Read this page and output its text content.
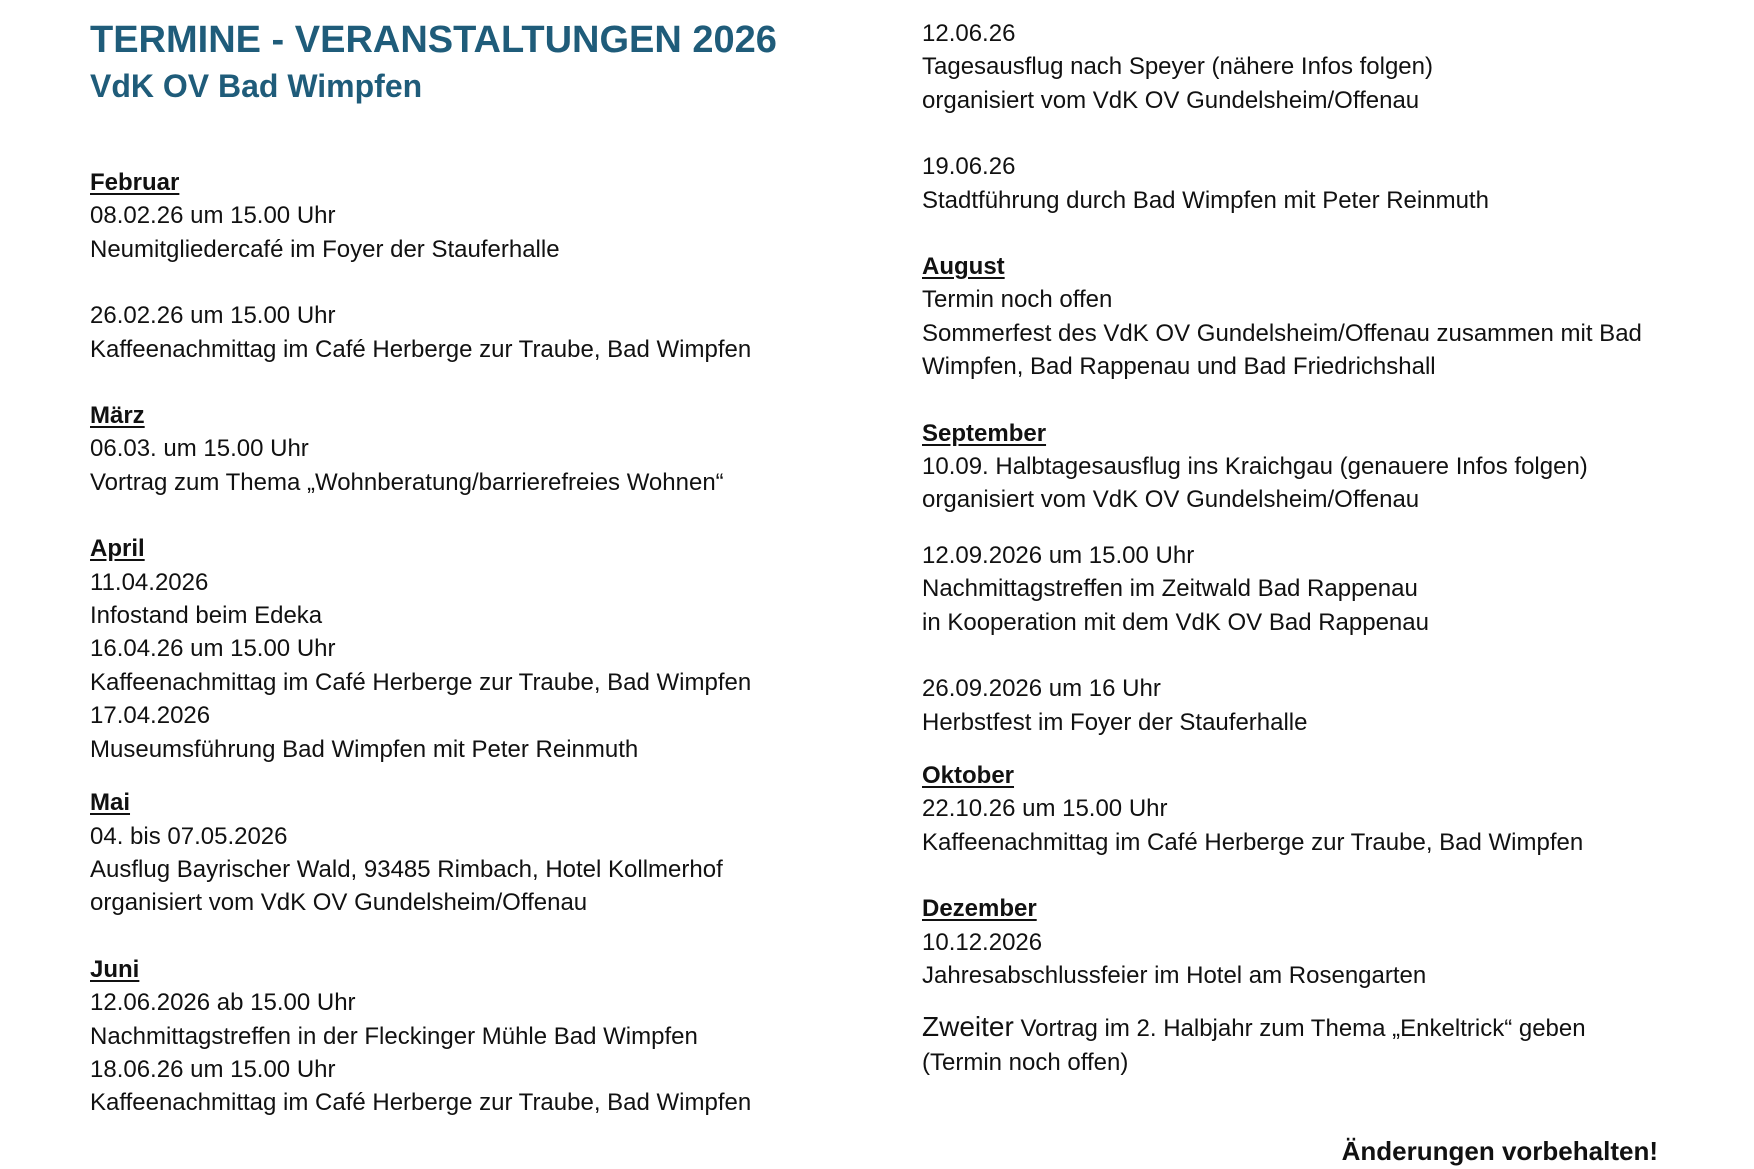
TERMINE - VERANSTALTUNGEN 2026
VdK OV Bad Wimpfen
Februar
08.02.26 um 15.00 Uhr
Neumitgliedercafé im Foyer der Stauferhalle
26.02.26 um 15.00 Uhr
Kaffeenachmittag im Café Herberge zur Traube, Bad Wimpfen
März
06.03. um 15.00 Uhr
Vortrag zum Thema „Wohnberatung/barrierefreies Wohnen“
April
11.04.2026
Infostand beim Edeka
16.04.26 um 15.00 Uhr
Kaffeenachmittag im Café Herberge zur Traube, Bad Wimpfen
17.04.2026
Museumsführung Bad Wimpfen mit Peter Reinmuth
Mai
04. bis 07.05.2026
Ausflug Bayrischer Wald, 93485 Rimbach, Hotel Kollmerhof
organisiert vom VdK OV Gundelsheim/Offenau
Juni
12.06.2026 ab 15.00 Uhr
Nachmittagstreffen in der Fleckinger Mühle Bad Wimpfen
18.06.26 um 15.00 Uhr
Kaffeenachmittag im Café Herberge zur Traube, Bad Wimpfen
12.06.26
Tagesausflug nach Speyer (nähere Infos folgen)
organisiert vom VdK OV Gundelsheim/Offenau
19.06.26
Stadtführung durch Bad Wimpfen mit Peter Reinmuth
August
Termin noch offen
Sommerfest des VdK OV Gundelsheim/Offenau zusammen mit Bad
Wimpfen, Bad Rappenau und Bad Friedrichshall
September
10.09. Halbtagesausflug ins Kraichgau (genauere Infos folgen)
organisiert vom VdK OV Gundelsheim/Offenau
12.09.2026 um 15.00 Uhr
Nachmittagstreffen im Zeitwald Bad Rappenau
in Kooperation mit dem VdK OV Bad Rappenau
26.09.2026 um 16 Uhr
Herbstfest im Foyer der Stauferhalle
Oktober
22.10.26 um 15.00 Uhr
Kaffeenachmittag im Café Herberge zur Traube, Bad Wimpfen
Dezember
10.12.2026
Jahresabschlussfeier im Hotel am Rosengarten
Zweiter Vortrag im 2. Halbjahr zum Thema „Enkeltrick“ geben
(Termin noch offen)
Änderungen vorbehalten!
